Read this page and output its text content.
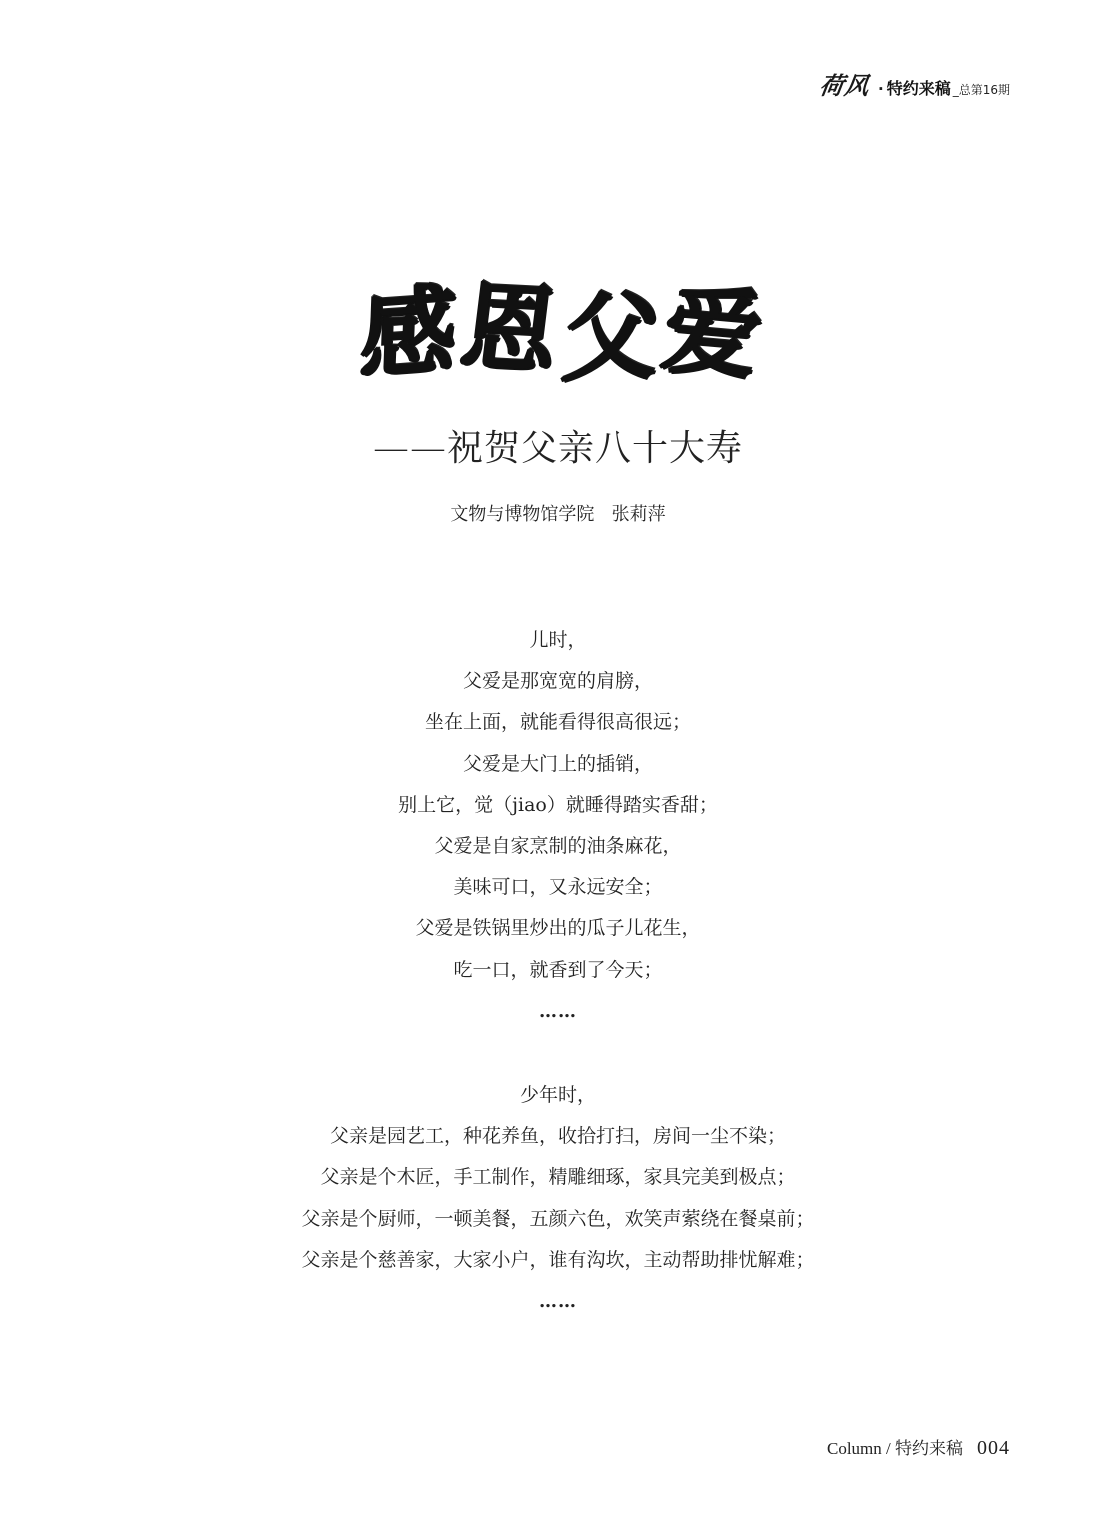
荷风 · 特约来稿 _总第16期
感
恩
父
爱
——祝贺父亲八十大寿
文物与博物馆学院   张莉萍
儿时，
父爱是那宽宽的肩膀，
坐在上面，就能看得很高很远；
父爱是大门上的插销，
别上它，觉（jiao）就睡得踏实香甜；
父爱是自家烹制的油条麻花，
美味可口，又永远安全；
父爱是铁锅里炒出的瓜子儿花生，
吃一口，就香到了今天；
……
少年时，
父亲是园艺工，种花养鱼，收拾打扫，房间一尘不染；
父亲是个木匠，手工制作，精雕细琢，家具完美到极点；
父亲是个厨师，一顿美餐，五颜六色，欢笑声萦绕在餐桌前；
父亲是个慈善家，大家小户，谁有沟坎，主动帮助排忧解难；
……
Column / 特约来稿 004
